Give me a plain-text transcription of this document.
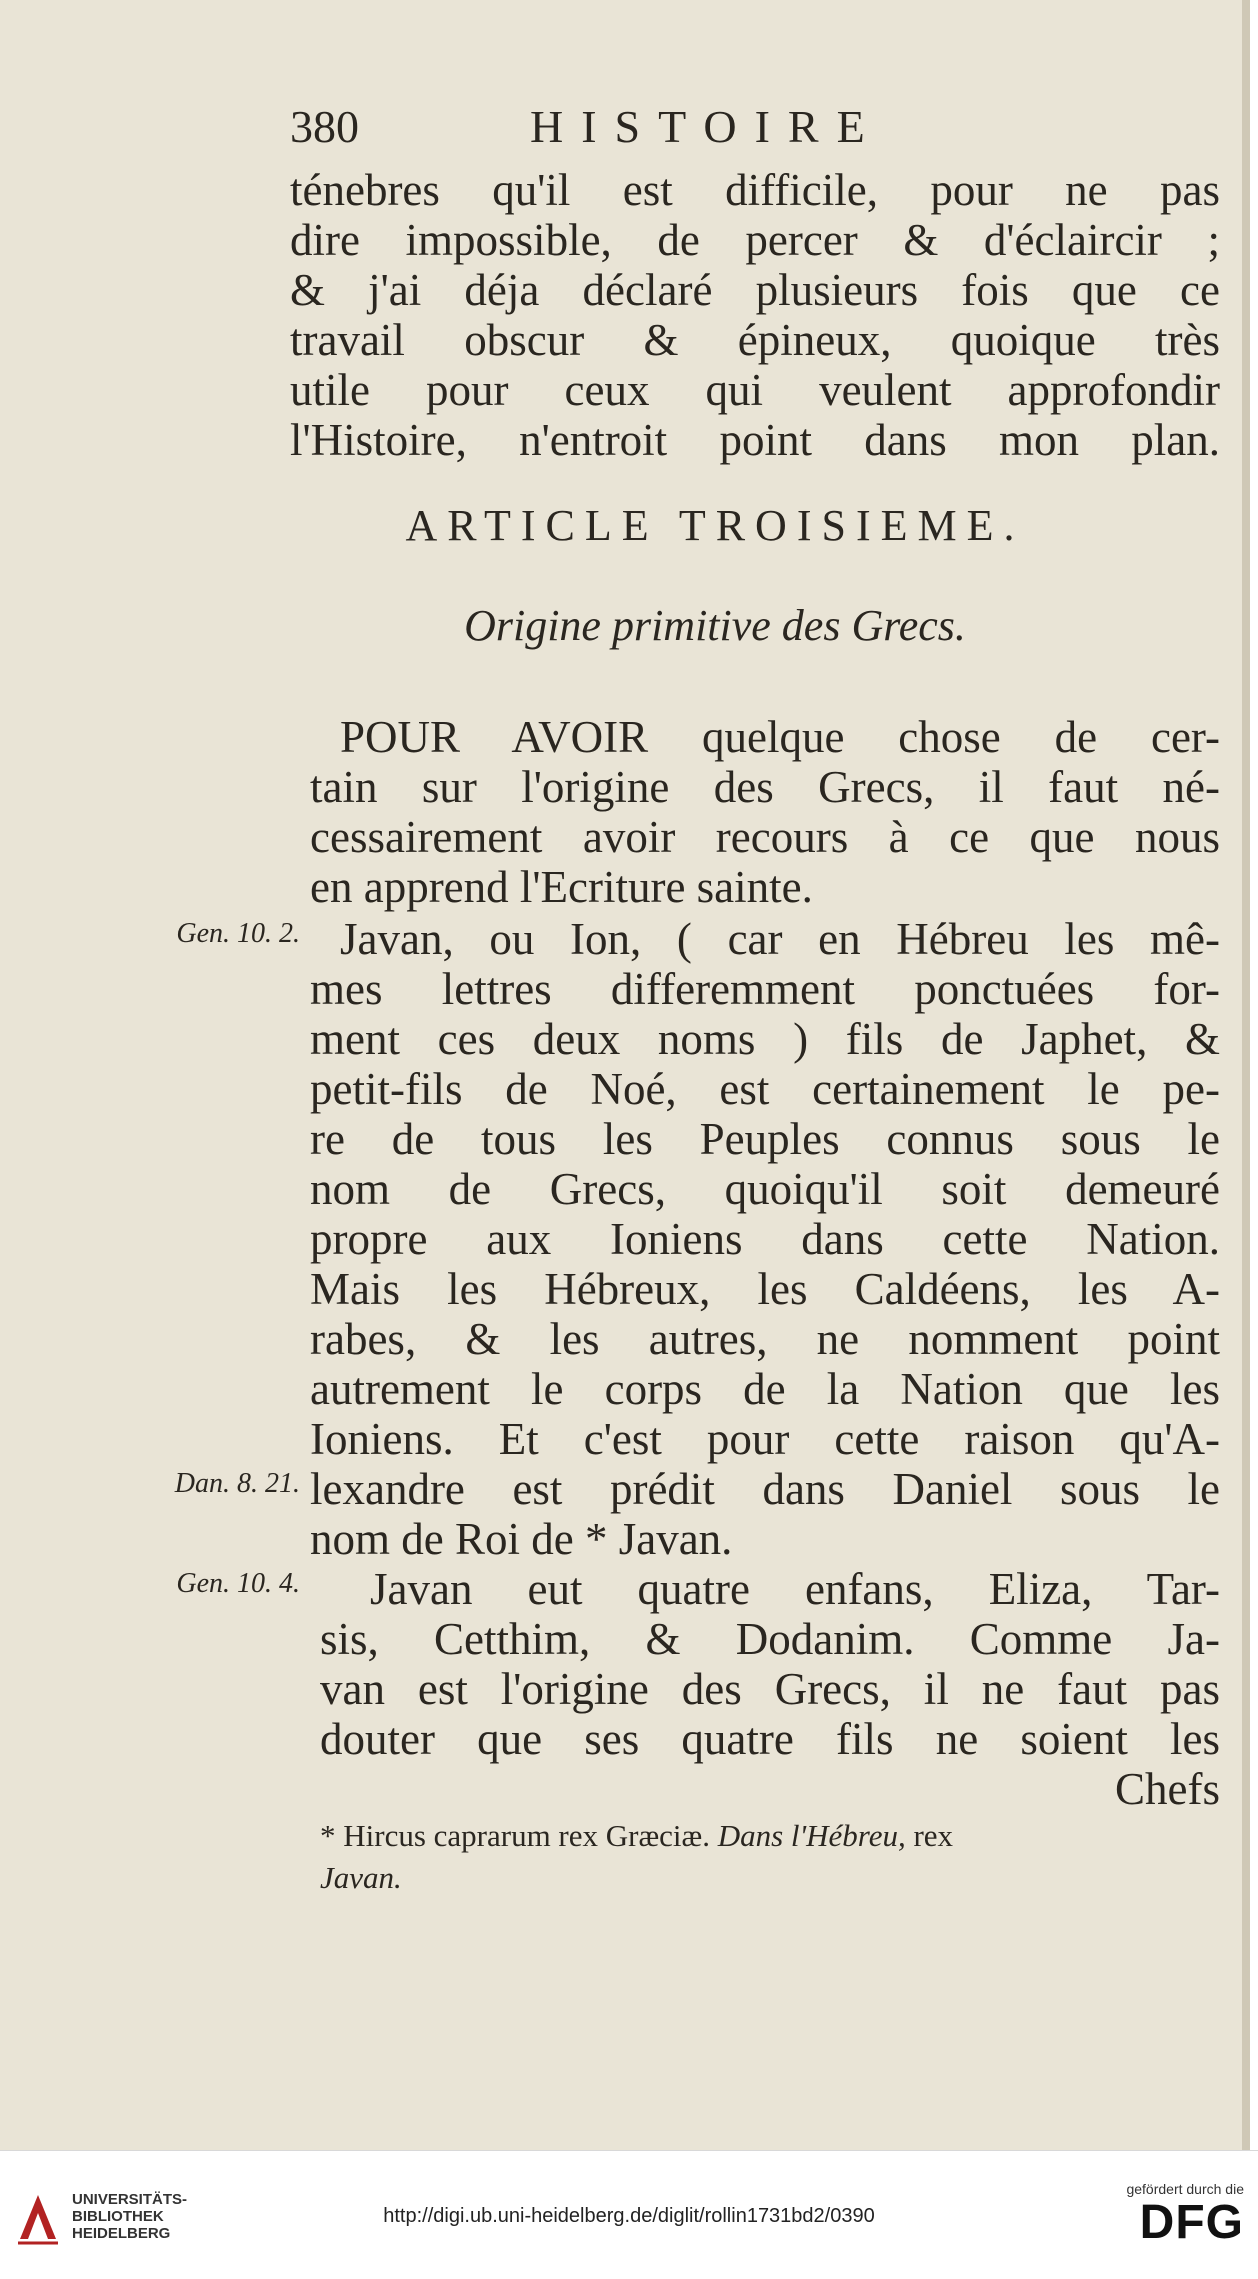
380	HISTOIRE
ténebres qu'il est difficile, pour ne pas
dire impossible, de percer & d'éclaircir ;
& j'ai déja déclaré plusieurs fois que ce
travail obscur & épineux, quoique très
utile pour ceux qui veulent approfondir
l'Histoire, n'entroit point dans mon plan.
ARTICLE TROISIEME.
Origine primitive des Grecs.
POUR AVOIR quelque chose de cer-
tain sur l'origine des Grecs, il faut né-
cessairement avoir recours à ce que nous
en apprend l'Ecriture sainte.
Javan, ou Ion, ( car en Hébreu les mê-
mes lettres differemment ponctuées for-
ment ces deux noms ) fils de Japhet, &
petit-fils de Noé, est certainement le pe-
re de tous les Peuples connus sous le
nom de Grecs, quoiqu'il soit demeuré
propre aux Ioniens dans cette Nation.
Mais les Hébreux, les Caldéens, les A-
rabes, & les autres, ne nomment point
autrement le corps de la Nation que les
Ioniens. Et c'est pour cette raison qu'A-
lexandre est prédit dans Daniel sous le
nom de Roi de * Javan.
Javan eut quatre enfans, Eliza, Tar-
sis, Cetthim, & Dodanim. Comme Ja-
van est l'origine des Grecs, il ne faut pas
douter que ses quatre fils ne soient les
Chefs
Gen. 10. 2.
Dan. 8. 21.
Gen. 10. 4.
* Hircus caprarum rex Græciæ. Dans l'Hébreu, rex
Javan.
UNIVERSITÄTS-
BIBLIOTHEK
HEIDELBERG
http://digi.ub.uni-heidelberg.de/diglit/rollin1731bd2/0390
gefördert durch die
DFG
